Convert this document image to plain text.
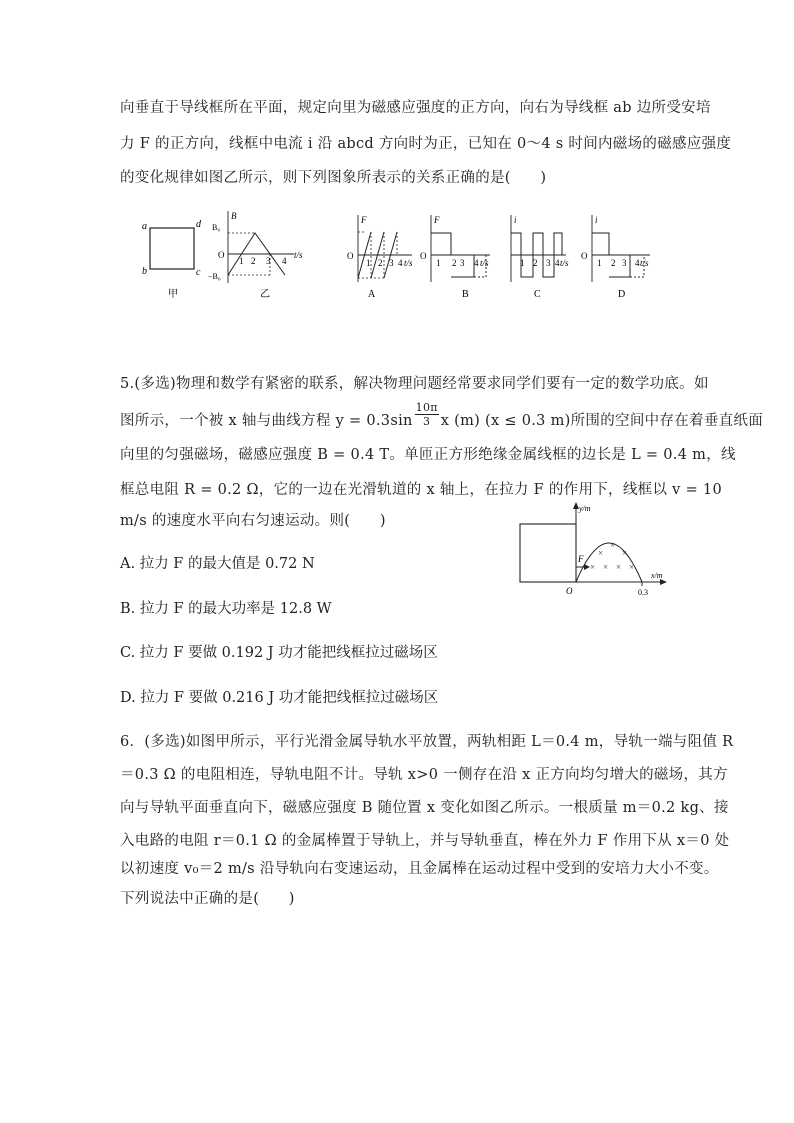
向垂直于导线框所在平面，规定向里为磁感应强度的正方向，向右为导线框 ab 边所受安培
力 F 的正方向，线框中电流 i 沿 abcd 方向时为正，已知在 0～4 s 时间内磁场的磁感应强度
的变化规律如图乙所示，则下列图象所表示的关系正确的是(　　)
a	d
b	c
甲
B
B₀
−B₀
O
1 2 3 4
t/s
乙
F
O
1 2 3 4 t/s
A
F
O
1 2 3 4 t/s
B
i
1 2 3 4 t/s
C
i
O
1 2 3 4 t/s
D
5.(多选)物理和数学有紧密的联系，解决物理问题经常要求同学们要有一定的数学功底。如
图所示，一个被 x 轴与曲线方程 $y = 0.3\sin \frac{10\pi}{3}$ x (m) (x ≤ 0.3 m)所围的空间中存在着垂直纸面
向里的匀强磁场，磁感应强度 B = 0.4 T。单匝正方形绝缘金属线框的边长是 L = 0.4 m，线
框总电阻 R = 0.2 Ω，它的一边在光滑轨道的 x 轴上，在拉力 F 的作用下，线框以 v = 10
m/s 的速度水平向右匀速运动。则(　　)
A. 拉力 F 的最大值是 0.72 N
B. 拉力 F 的最大功率是 12.8 W
C. 拉力 F 要做 0.192 J 功才能把线框拉过磁场区
D. 拉力 F 要做 0.216 J 功才能把线框拉过磁场区
y/m
x/m
O	0.3
×
×
×
× × × ×
F
6．(多选)如图甲所示，平行光滑金属导轨水平放置，两轨相距 L＝0.4 m，导轨一端与阻值 R
＝0.3 Ω 的电阻相连，导轨电阻不计。导轨 x>0 一侧存在沿 x 正方向均匀增大的磁场，其方
向与导轨平面垂直向下，磁感应强度 B 随位置 x 变化如图乙所示。一根质量 m＝0.2 kg、接
入电路的电阻 r＝0.1 Ω 的金属棒置于导轨上，并与导轨垂直，棒在外力 F 作用下从 x＝0 处
以初速度 v₀＝2 m/s 沿导轨向右变速运动，且金属棒在运动过程中受到的安培力大小不变。
下列说法中正确的是(　　)
